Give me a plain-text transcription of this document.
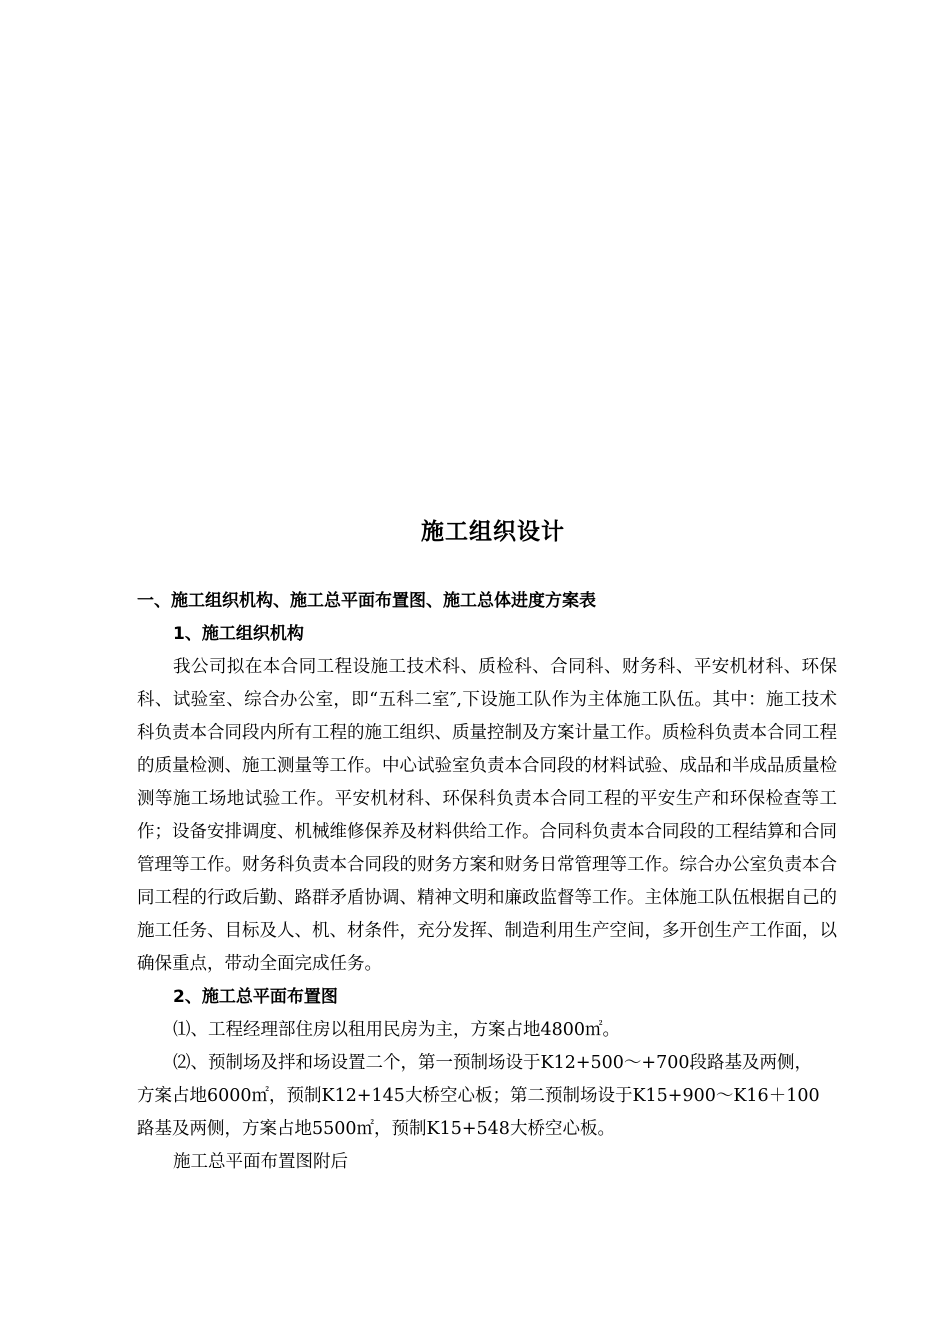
施工组织设计

一、施工组织机构、施工总平面布置图、施工总体进度方案表

1、施工组织机构

我公司拟在本合同工程设施工技术科、质检科、合同科、财务科、平安机材科、环保科、试验室、综合办公室，即“五科二室″,下设施工队作为主体施工队伍。其中：施工技术科负责本合同段内所有工程的施工组织、质量控制及方案计量工作。质检科负责本合同工程的质量检测、施工测量等工作。中心试验室负责本合同段的材料试验、成品和半成品质量检测等施工场地试验工作。平安机材科、环保科负责本合同工程的平安生产和环保检查等工作；设备安排调度、机械维修保养及材料供给工作。合同科负责本合同段的工程结算和合同管理等工作。财务科负责本合同段的财务方案和财务日常管理等工作。综合办公室负责本合同工程的行政后勤、路群矛盾协调、精神文明和廉政监督等工作。主体施工队伍根据自己的施工任务、目标及人、机、材条件，充分发挥、制造利用生产空间，多开创生产工作面，以确保重点，带动全面完成任务。

2、施工总平面布置图

⑴、工程经理部住房以租用民房为主，方案占地4800㎡。

⑵、预制场及拌和场设置二个，第一预制场设于K12+500～+700段路基及两侧，

方案占地6000㎡，预制K12+145大桥空心板；第二预制场设于K15+900～K16＋100

路基及两侧，方案占地5500㎡，预制K15+548大桥空心板。

施工总平面布置图附后
